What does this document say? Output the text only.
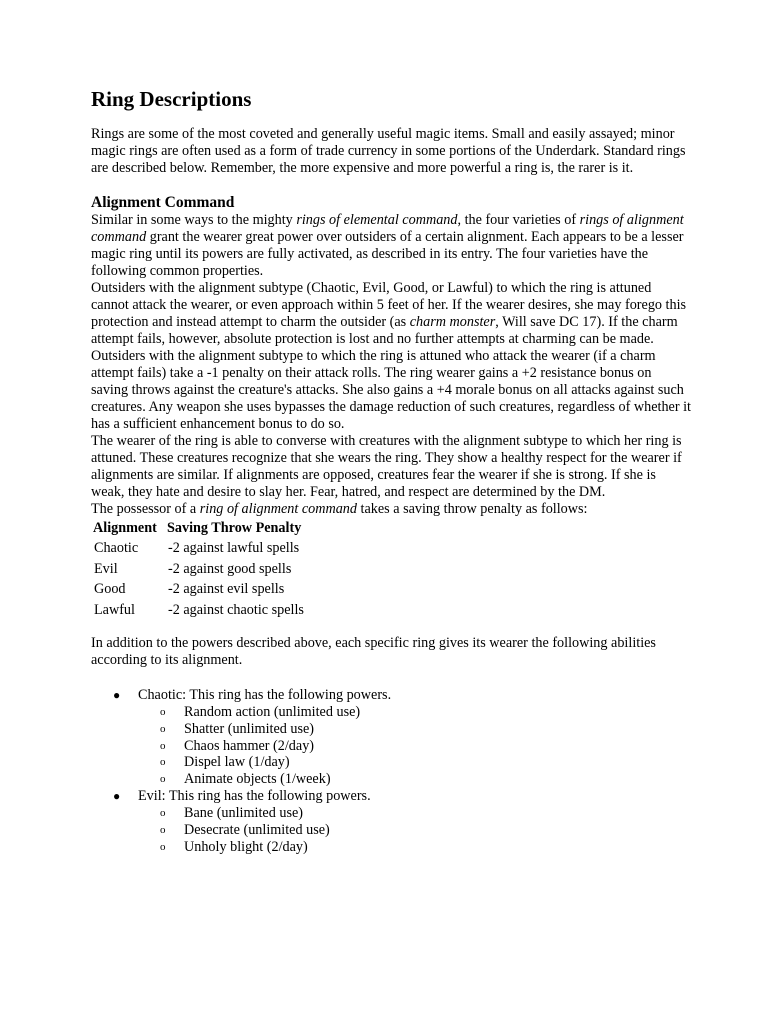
Ring Descriptions

Rings are some of the most coveted and generally useful magic items. Small and easily assayed; minor magic rings are often used as a form of trade currency in some portions of the Underdark. Standard rings are described below. Remember, the more expensive and more powerful a ring is, the rarer is it.

Alignment Command

Similar in some ways to the mighty rings of elemental command, the four varieties of rings of alignment command grant the wearer great power over outsiders of a certain alignment. Each appears to be a lesser magic ring until its powers are fully activated, as described in its entry. The four varieties have the following common properties.

Outsiders with the alignment subtype (Chaotic, Evil, Good, or Lawful) to which the ring is attuned cannot attack the wearer, or even approach within 5 feet of her. If the wearer desires, she may forego this protection and instead attempt to charm the outsider (as charm monster, Will save DC 17). If the charm attempt fails, however, absolute protection is lost and no further attempts at charming can be made.

Outsiders with the alignment subtype to which the ring is attuned who attack the wearer (if a charm attempt fails) take a -1 penalty on their attack rolls. The ring wearer gains a +2 resistance bonus on saving throws against the creature's attacks. She also gains a +4 morale bonus on all attacks against such creatures. Any weapon she uses bypasses the damage reduction of such creatures, regardless of whether it has a sufficient enhancement bonus to do so.

The wearer of the ring is able to converse with creatures with the alignment subtype to which her ring is attuned. These creatures recognize that she wears the ring. They show a healthy respect for the wearer if alignments are similar. If alignments are opposed, creatures fear the wearer if she is strong. If she is weak, they hate and desire to slay her. Fear, hatred, and respect are determined by the DM.

The possessor of a ring of alignment command takes a saving throw penalty as follows:

Alignment	Saving Throw Penalty
Chaotic	-2 against lawful spells
Evil	-2 against good spells
Good	-2 against evil spells
Lawful	-2 against chaotic spells

In addition to the powers described above, each specific ring gives its wearer the following abilities according to its alignment.

● Chaotic: This ring has the following powers.
o Random action (unlimited use)
o Shatter (unlimited use)
o Chaos hammer (2/day)
o Dispel law (1/day)
o Animate objects (1/week)
● Evil: This ring has the following powers.
o Bane (unlimited use)
o Desecrate (unlimited use)
o Unholy blight (2/day)
